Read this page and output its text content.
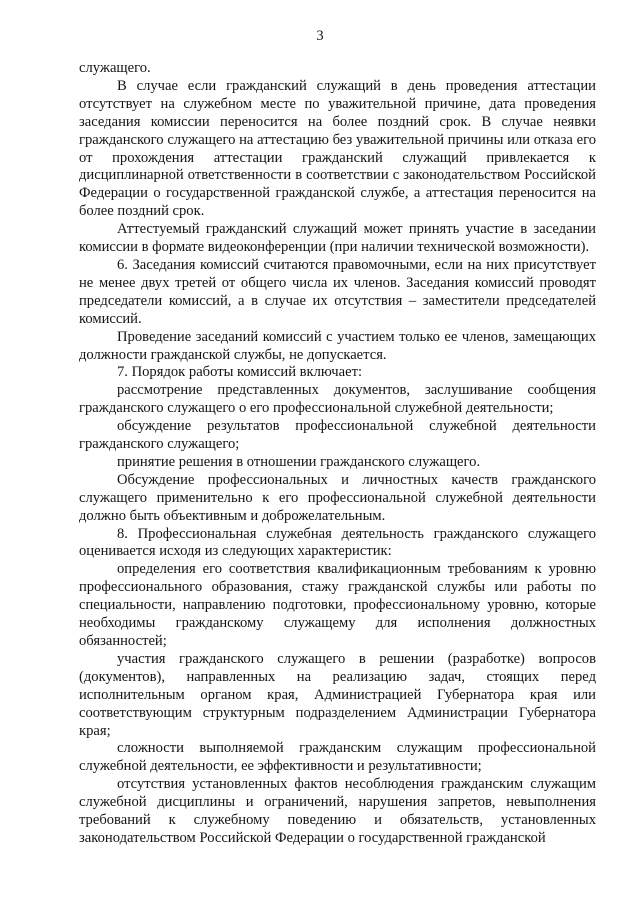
3

служащего.

В случае если гражданский служащий в день проведения аттестации отсутствует на служебном месте по уважительной причине, дата проведения заседания комиссии переносится на более поздний срок. В случае неявки гражданского служащего на аттестацию без уважительной причины или отказа его от прохождения аттестации гражданский служащий привлекается к дисциплинарной ответственности в соответствии с законодательством Российской Федерации о государственной гражданской службе, а аттестация переносится на более поздний срок.

Аттестуемый гражданский служащий может принять участие в заседании комиссии в формате видеоконференции (при наличии технической возможности).

6. Заседания комиссий считаются правомочными, если на них присутствует не менее двух третей от общего числа их членов. Заседания комиссий проводят председатели комиссий, а в случае их отсутствия – заместители председателей комиссий.

Проведение заседаний комиссий с участием только ее членов, замещающих должности гражданской службы, не допускается.

7. Порядок работы комиссий включает:

рассмотрение представленных документов, заслушивание сообщения гражданского служащего о его профессиональной служебной деятельности;

обсуждение результатов профессиональной служебной деятельности гражданского служащего;

принятие решения в отношении гражданского служащего.

Обсуждение профессиональных и личностных качеств гражданского служащего применительно к его профессиональной служебной деятельности должно быть объективным и доброжелательным.

8. Профессиональная служебная деятельность гражданского служащего оценивается исходя из следующих характеристик:

определения его соответствия квалификационным требованиям к уровню профессионального образования, стажу гражданской службы или работы по специальности, направлению подготовки, профессиональному уровню, которые необходимы гражданскому служащему для исполнения должностных обязанностей;

участия гражданского служащего в решении (разработке) вопросов (документов), направленных на реализацию задач, стоящих перед исполнительным органом края, Администрацией Губернатора края или соответствующим структурным подразделением Администрации Губернатора края;

сложности выполняемой гражданским служащим профессиональной служебной деятельности, ее эффективности и результативности;

отсутствия установленных фактов несоблюдения гражданским служащим служебной дисциплины и ограничений, нарушения запретов, невыполнения требований к служебному поведению и обязательств, установленных законодательством Российской Федерации о государственной гражданской
